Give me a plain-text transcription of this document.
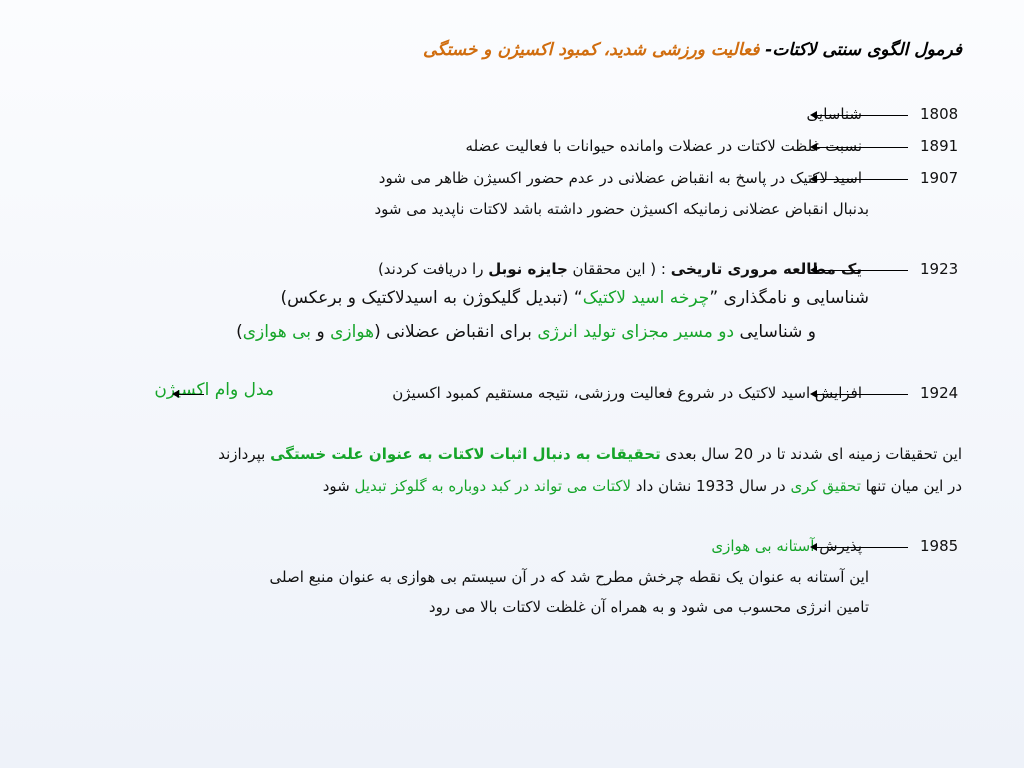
فرمول الگوی سنتی لاکتات- فعالیت ورزشی شدید، کمبود اکسیژن و خستگی
1808
شناسایی
1891
نسبت غلظت لاکتات در عضلات وامانده حیوانات با فعالیت عضله
1907
اسید لاکتیک در پاسخ به انقباض عضلانی در عدم حضور اکسیژن ظاهر می شود
بدنبال انقباض عضلانی زمانیکه اکسیژن حضور داشته باشد لاکتات ناپدید می شود
1923
یک مطالعه مروری تاریخی : ( این محققان جایزه نوبل را دریافت کردند)
شناسایی و نامگذاری ”چرخه اسید لاکتیک“ (تبدیل گلیکوژن به اسیدلاکتیک و برعکس)
و شناسایی دو مسیر مجزای تولید انرژی برای انقباض عضلانی (هوازی و بی هوازی)
1924
افزایش اسید لاکتیک در شروع فعالیت ورزشی، نتیجه مستقیم کمبود اکسیژن
مدل وام اکسیژن
این تحقیقات زمینه ای شدند تا در 20 سال بعدی تحقیقات به دنبال اثبات لاکتات به عنوان علت خستگی بپردازند
در این میان تنها تحقیق کری در سال 1933 نشان داد لاکتات می تواند در کبد دوباره به گلوکز تبدیل شود
1985
پذیرش آستانه بی هوازی
این آستانه به عنوان یک نقطه چرخش مطرح شد که در آن سیستم بی هوازی به عنوان منبع اصلی
تامین انرژی محسوب می شود و به همراه آن غلظت لاکتات بالا می رود
